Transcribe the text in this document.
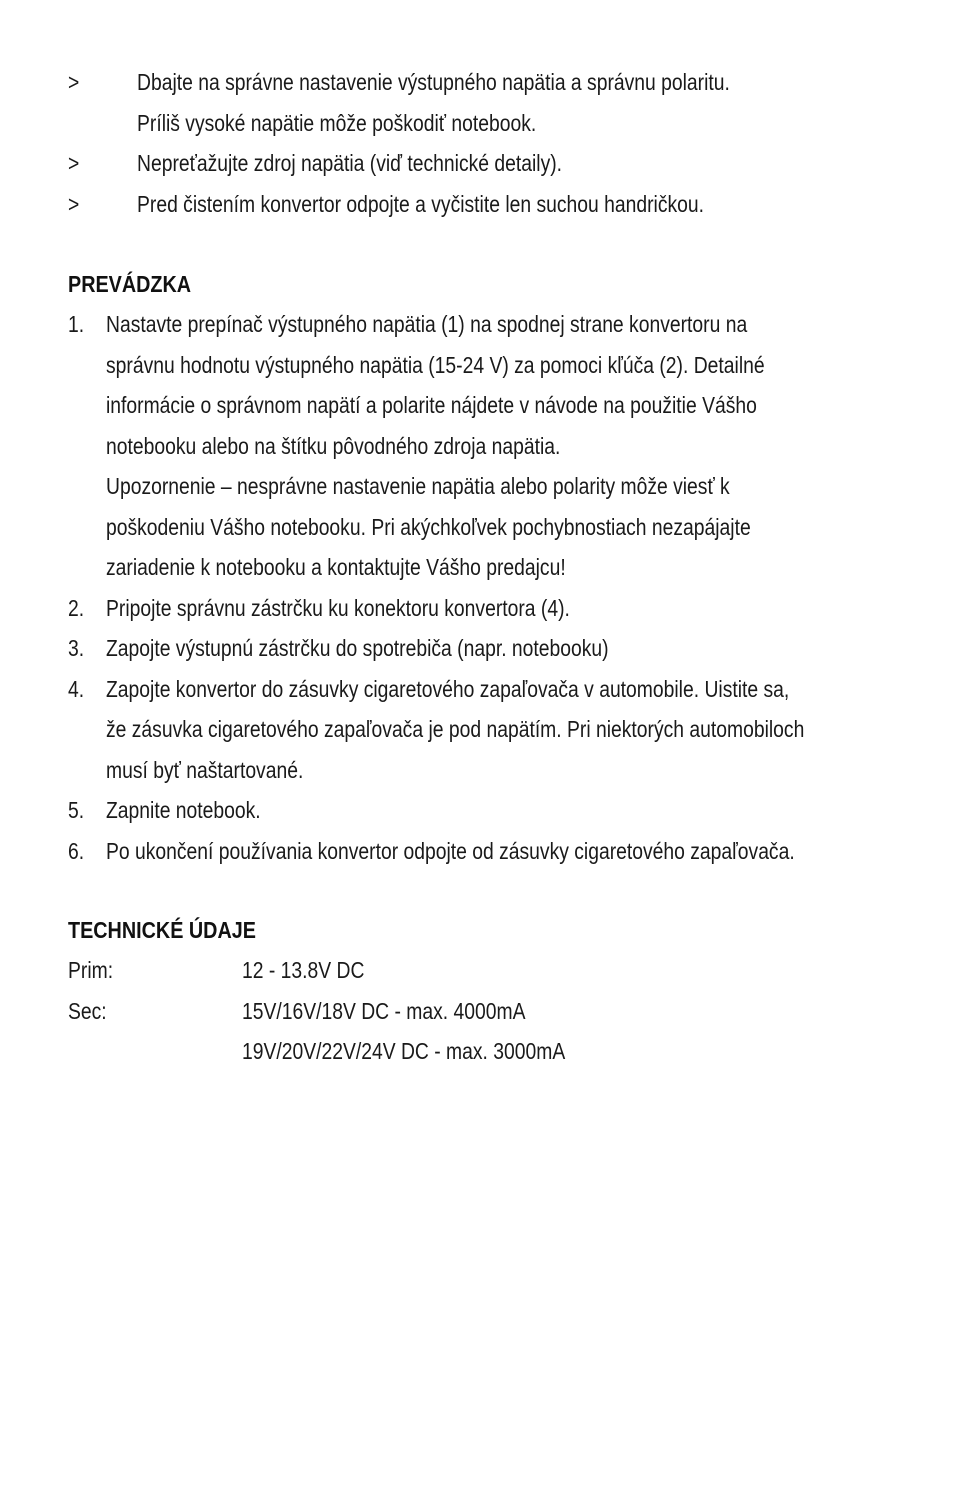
>	Dbajte na správne nastavenie výstupného napätia a správnu polaritu.
Príliš vysoké napätie môže poškodiť notebook.
>	Nepreťažujte zdroj napätia (viď technické detaily).
>	Pred čistením konvertor odpojte a vyčistite len suchou handričkou.
PREVÁDZKA
1. Nastavte prepínač výstupného napätia (1) na spodnej strane konvertoru na
správnu hodnotu výstupného napätia (15-24 V) za pomoci kľúča (2). Detailné
informácie o správnom napätí a polarite nájdete v návode na použitie Vášho
notebooku alebo na štítku pôvodného zdroja napätia.
Upozornenie – nesprávne nastavenie napätia alebo polarity môže viesť k
poškodeniu Vášho notebooku. Pri akýchkoľvek pochybnostiach nezapájajte
zariadenie k notebooku a kontaktujte Vášho predajcu!
2. Pripojte správnu zástrčku ku konektoru konvertora (4).
3. Zapojte výstupnú zástrčku do spotrebiča (napr. notebooku)
4. Zapojte konvertor do zásuvky cigaretového zapaľovača v automobile. Uistite sa,
že zásuvka cigaretového zapaľovača je pod napätím. Pri niektorých automobiloch
musí byť naštartované.
5. Zapnite notebook.
6. Po ukončení používania konvertor odpojte od zásuvky cigaretového zapaľovača.
TECHNICKÉ ÚDAJE
Prim:	12 - 13.8V DC
Sec:	15V/16V/18V DC - max. 4000mA
19V/20V/22V/24V DC - max. 3000mA
